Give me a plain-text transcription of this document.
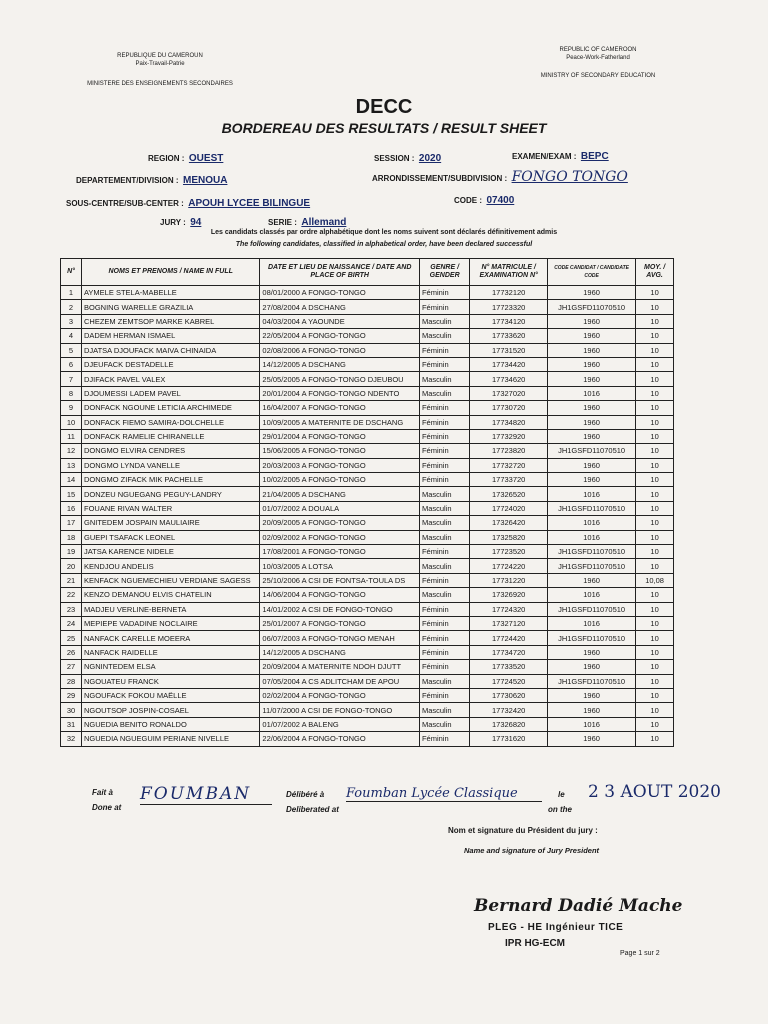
REPUBLIQUE DU CAMEROUN
Paix-Travail-Patrie
MINISTERE DES ENSEIGNEMENTS SECONDAIRES
REPUBLIC OF CAMEROON
Peace-Work-Fatherland
MINISTRY OF SECONDARY EDUCATION
DECC
BORDEREAU DES RESULTATS / RESULT SHEET
REGION : OUEST	SESSION : 2020	EXAMEN/EXAM : BEPC
DEPARTEMENT/DIVISION : MENOUA	ARRONDISSEMENT/SUBDIVISION : FONGO TONGO
SOUS-CENTRE/SUB-CENTER : APOUH LYCEE BILINGUE	CODE : 07400
JURY : 94	SERIE : Allemand
Les candidats classés par ordre alphabétique dont les noms suivent sont déclarés définitivement admis
The following candidates, classified in alphabetical order, have been declared successful
N°	NOMS ET PRENOMS / NAME IN FULL	DATE ET LIEU DE NAISSANCE / DATE AND PLACE OF BIRTH	GENRE / GENDER	N° MATRICULE / EXAMINATION N°	CODE CANDIDAT / CANDIDATE CODE	MOY. / AVG.
1	AYMELE STELA-MABELLE	08/01/2000 A FONGO-TONGO	Féminin	17732120	1960	10
2	BOGNING WARELLE GRAZILIA	27/08/2004 A DSCHANG	Féminin	17723320	JH1GSFD11070510	10
3	CHEZEM ZEMTSOP MARKE KABREL	04/03/2004 A YAOUNDE	Masculin	17734120	1960	10
4	DADEM HERMAN ISMAEL	22/05/2004 A FONGO-TONGO	Masculin	17733620	1960	10
5	DJATSA DJOUFACK MAIVA CHINAIDA	02/08/2006 A FONGO-TONGO	Féminin	17731520	1960	10
6	DJEUFACK DESTADELLE	14/12/2005 A DSCHANG	Féminin	17734420	1960	10
7	DJIFACK PAVEL VALEX	25/05/2005 A FONGO-TONGO DJEUBOU	Masculin	17734620	1960	10
8	DJOUMESSI LADEM PAVEL	20/01/2004 A FONGO-TONGO NDENTO	Masculin	17327020	1016	10
9	DONFACK NGOUNE LETICIA ARCHIMEDE	16/04/2007 A FONGO-TONGO	Féminin	17730720	1960	10
10	DONFACK FIEMO SAMIRA-DOLCHELLE	10/09/2005 A MATERNITE DE DSCHANG	Féminin	17734820	1960	10
11	DONFACK RAMELIE CHIRANELLE	29/01/2004 A FONGO-TONGO	Féminin	17732920	1960	10
12	DONGMO ELVIRA CENDRES	15/06/2005 A FONGO-TONGO	Féminin	17723820	JH1GSFD11070510	10
13	DONGMO LYNDA VANELLE	20/03/2003 A FONGO-TONGO	Féminin	17732720	1960	10
14	DONGMO ZIFACK MIK PACHELLE	10/02/2005 A FONGO-TONGO	Féminin	17733720	1960	10
15	DONZEU NGUEGANG PEGUY-LANDRY	21/04/2005 A DSCHANG	Masculin	17326520	1016	10
16	FOUANE RIVAN WALTER	01/07/2002 A DOUALA	Masculin	17724020	JH1GSFD11070510	10
17	GNITEDEM JOSPAIN MAULIAIRE	20/09/2005 A FONGO-TONGO	Masculin	17326420	1016	10
18	GUEPI TSAFACK LEONEL	02/09/2002 A FONGO-TONGO	Masculin	17325820	1016	10
19	JATSA KARENCE NIDELE	17/08/2001 A FONGO-TONGO	Féminin	17723520	JH1GSFD11070510	10
20	KENDJOU ANDELIS	10/03/2005 A LOTSA	Masculin	17724220	JH1GSFD11070510	10
21	KENFACK NGUEMECHIEU VERDIANE SAGESS	25/10/2006 A CSI DE FONTSA-TOULA DS	Féminin	17731220	1960	10,08
22	KENZO DEMANOU ELVIS CHATELIN	14/06/2004 A FONGO-TONGO	Masculin	17326920	1016	10
23	MADJEU VERLINE-BERNETA	14/01/2002 A CSI DE FONGO-TONGO	Féminin	17724320	JH1GSFD11070510	10
24	MEPIEPE VADADINE NOCLAIRE	25/01/2007 A FONGO-TONGO	Féminin	17327120	1016	10
25	NANFACK CARELLE MOEERA	06/07/2003 A FONGO-TONGO MENAH	Féminin	17724420	JH1GSFD11070510	10
26	NANFACK RAIDELLE	14/12/2005 A DSCHANG	Féminin	17734720	1960	10
27	NGNINTEDEM ELSA	20/09/2004 A MATERNITE NDOH DJUTT	Féminin	17733520	1960	10
28	NGOUATEU FRANCK	07/05/2004 A CS ADLITCHAM DE APOU	Masculin	17724520	JH1GSFD11070510	10
29	NGOUFACK FOKOU MAËLLE	02/02/2004 A FONGO-TONGO	Féminin	17730620	1960	10
30	NGOUTSOP JOSPIN-COSAEL	11/07/2000 A CSI DE FONGO-TONGO	Masculin	17732420	1960	10
31	NGUEDIA BENITO RONALDO	01/07/2002 A BALENG	Masculin	17326820	1016	10
32	NGUEDIA NGUEGUIM PERIANE NIVELLE	22/06/2004 A FONGO-TONGO	Féminin	17731620	1960	10
Fait à
Done at
FOUMBAN	Délibéré à
Deliberated at
Foumban Lycée Classique	le
on the
2 3 AOUT 2020
Nom et signature du Président du jury :
Name and signature of Jury President
Bernard Dadié Mache
PLEG - HE Ingénieur TICE
IPR HG-ECM
Page 1 sur 2
